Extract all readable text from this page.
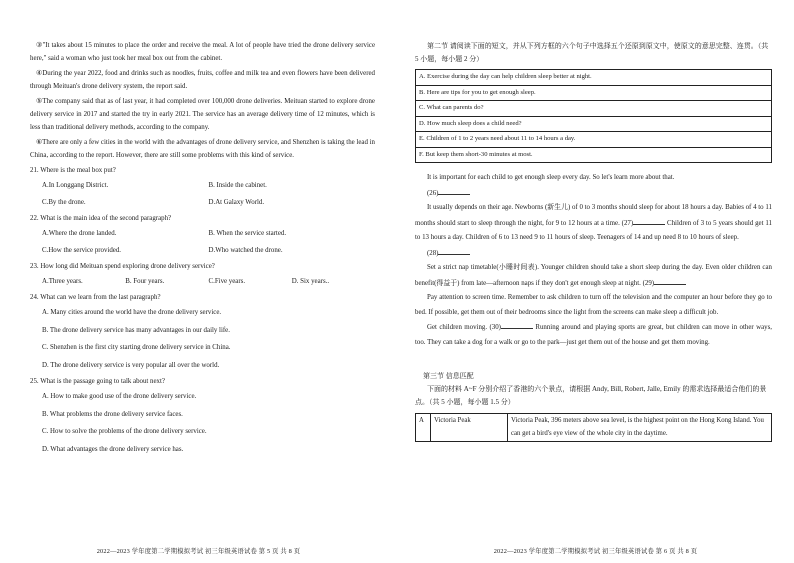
③"It takes about 15 minutes to place the order and receive the meal. A lot of people have tried the drone delivery service here," said a woman who just took her meal box out from the cabinet.

④During the year 2022, food and drinks such as noodles, fruits, coffee and milk tea and even flowers have been delivered through Meituan's drone delivery system, the report said.

⑤The company said that as of last year, it had completed over 100,000 drone deliveries. Meituan started to explore drone delivery service in 2017 and started the try in early 2021. The service has an average delivery time of 12 minutes, which is less than traditional delivery methods, according to the company.

⑥There are only a few cities in the world with the advantages of drone delivery service, and Shenzhen is taking the lead in China, according to the report. However, there are still some problems with this kind of service.

21. Where is the meal box put?
A.In Longgang District.	B. Inside the cabinet.
C.By the drone.	D.At Galaxy World.
22. What is the main idea of the second paragraph?
A.Where the drone landed.	B. When the service started.
C.How the service provided.	D.Who watched the drone.
23. How long did Meituan spend exploring drone delivery service?
A.Three years.	B. Four years.	C.Five years.	D. Six years..
24. What can we learn from the last paragraph?
A. Many cities around the world have the drone delivery service.
B. The drone delivery service has many advantages in our daily life.
C. Shenzhen is the first city starting drone delivery service in China.
D. The drone delivery service is very popular all over the world.
25. What is the passage going to talk about next?
A. How to make good use of the drone delivery service.
B. What problems the drone delivery service faces.
C. How to solve the problems of the drone delivery service.
D. What advantages the drone delivery service has.
2022—2023 学年度第二学期模拟考试 初三年级英语试卷 第 5 页 共 8 页
第二节 请阅读下面的短文，并从下列方框的六个句子中选择五个还原到原文中，使原文的意思完整、连贯。（共 5 小题，每小题 2 分）
A. Exercise during the day can help children sleep better at night.
B. Here are tips for you to get enough sleep.
C. What can parents do?
D. How much sleep does a child need?
E. Children of 1 to 2 years need about 11 to 14 hours a day.
F. But keep them short-30 minutes at most.

It is important for each child to get enough sleep every day. So let's learn more about that.

(26)

It usually depends on their age. Newborns (新生儿) of 0 to 3 months should sleep for about 18 hours a day. Babies of 4 to 11 months should start to sleep through the night, for 9 to 12 hours at a time. (27)	Children of 3 to 5 years should get 11 to 13 hours a day. Children of 6 to 13 need 9 to 11 hours of sleep. Teenagers of 14 and up need 8 to 10 hours of sleep.

(28)

Set a strict nap timetable(小睡时间表). Younger children should take a short sleep during the day. Even older children can benefit(得益于) from late—afternoon naps if they don't get enough sleep at night. (29)

Pay attention to screen time. Remember to ask children to turn off the television and the computer an hour before they go to bed. If possible, get them out of their bedrooms since the light from the screens can make sleep a difficult job.

Get children moving. (30)	Running around and playing sports are great, but children can move in other ways, too. They can take a dog for a walk or go to the park—just get them out of the house and get them moving.

第三节 信息匹配
下面的材料 A~F 分别介绍了香港的六个景点，请根据 Andy, Bill, Robert, Jalle, Emily 的需求选择最适合他们的景点。（共 5 小题，每小题 1.5 分）
A	Victoria Peak	Victoria Peak, 396 meters above sea level, is the highest point on the Hong Kong Island. You can get a bird's eye view of the whole city in the daytime.
2022—2023 学年度第二学期模拟考试 初三年级英语试卷 第 6 页 共 8 页
